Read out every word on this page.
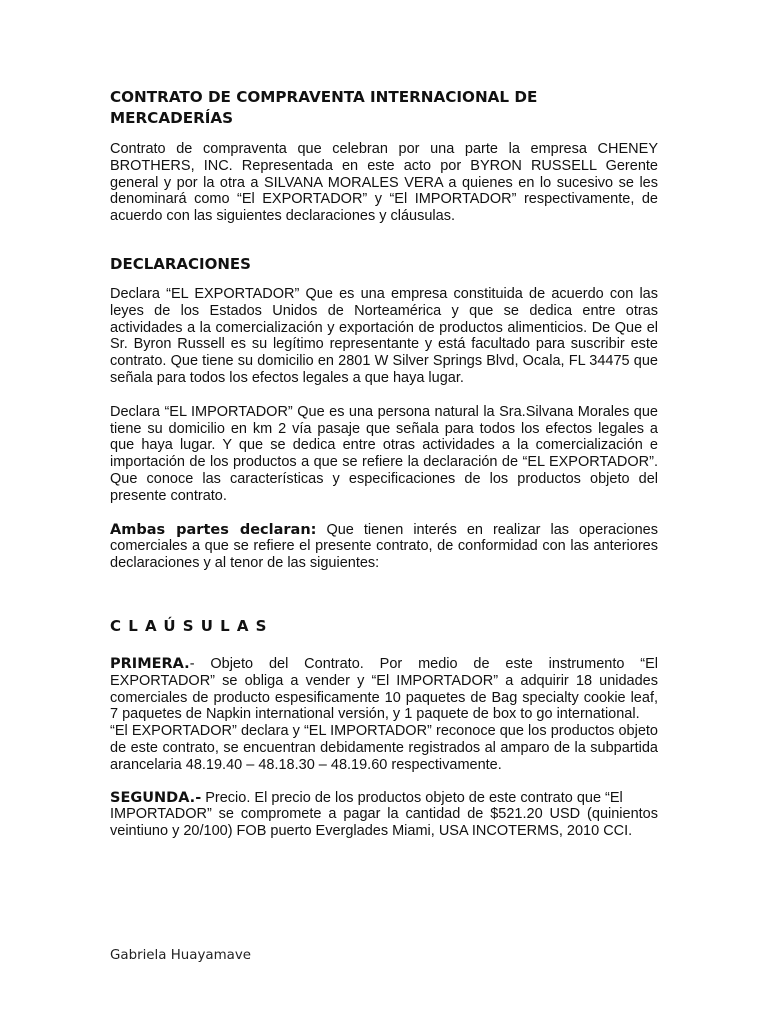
CONTRATO DE COMPRAVENTA INTERNACIONAL DE MERCADERÍAS

Contrato de compraventa que celebran por una parte la empresa CHENEY BROTHERS, INC. Representada en este acto por BYRON RUSSELL Gerente general y por la otra a SILVANA MORALES VERA a quienes en lo sucesivo se les denominará como “El EXPORTADOR” y “El IMPORTADOR” respectivamente, de acuerdo con las siguientes declaraciones y cláusulas.

DECLARACIONES

Declara “EL EXPORTADOR” Que es una empresa constituida de acuerdo con las leyes de los Estados Unidos de Norteamérica y que se dedica entre otras actividades a la comercialización y exportación de productos alimenticios. De Que el Sr. Byron Russell es su legítimo representante y está facultado para suscribir este contrato. Que tiene su domicilio en 2801 W Silver Springs Blvd, Ocala, FL 34475 que señala para todos los efectos legales a que haya lugar.

Declara “EL IMPORTADOR” Que es una persona natural la Sra.Silvana Morales que tiene su domicilio en km 2 vía pasaje que señala para todos los efectos legales a que haya lugar. Y que se dedica entre otras actividades a la comercialización e importación de los productos a que se refiere la declaración de “EL EXPORTADOR”. Que conoce las características y especificaciones de los productos objeto del presente contrato.

Ambas partes declaran: Que tienen interés en realizar las operaciones comerciales a que se refiere el presente contrato, de conformidad con las anteriores declaraciones y al tenor de las siguientes:

CLAÚSULAS

PRIMERA.- Objeto del Contrato. Por medio de este instrumento “El EXPORTADOR” se obliga a vender y “El IMPORTADOR” a adquirir 18 unidades comerciales de producto espesificamente 10 paquetes de Bag specialty cookie leaf, 7 paquetes de Napkin international versión, y 1 paquete de box to go international.

“El EXPORTADOR” declara y “EL IMPORTADOR” reconoce que los productos objeto de este contrato, se encuentran debidamente registrados al amparo de la subpartida arancelaria 48.19.40 – 48.18.30 – 48.19.60 respectivamente.

SEGUNDA.- Precio. El precio de los productos objeto de este contrato que “El

IMPORTADOR” se compromete a pagar la cantidad de $521.20 USD (quinientos veintiuno y 20/100) FOB puerto Everglades Miami, USA INCOTERMS, 2010 CCI.

Gabriela Huayamave
